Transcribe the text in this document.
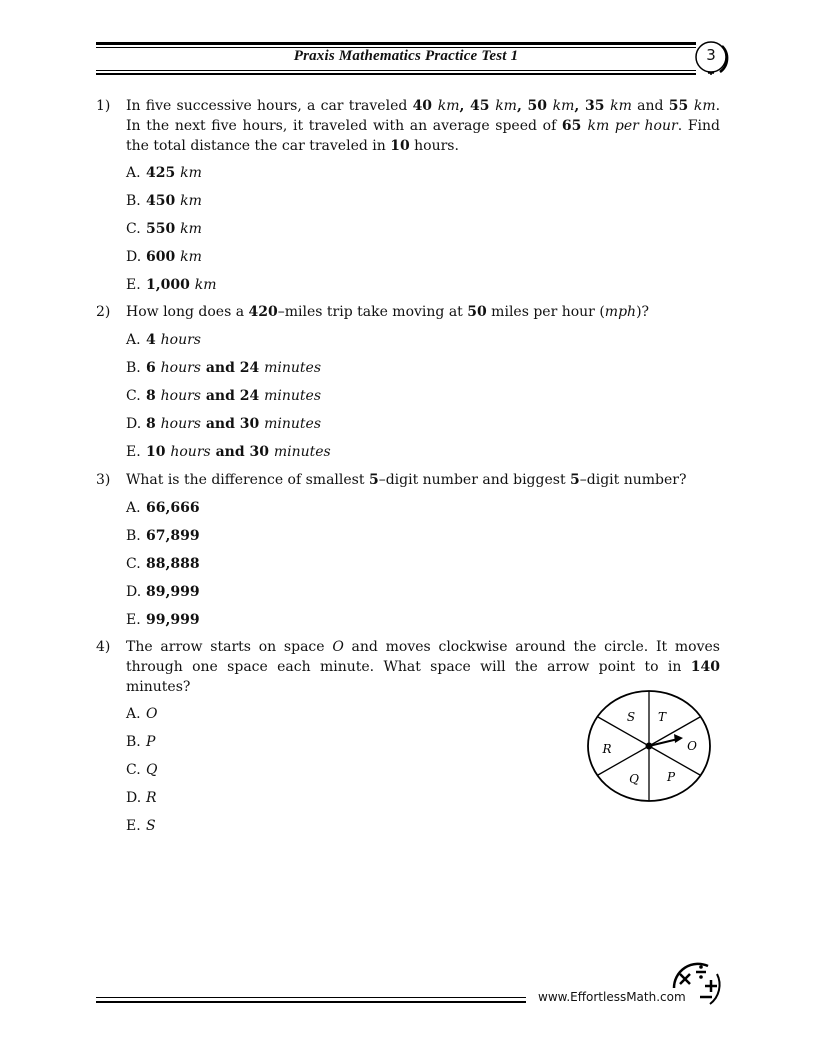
Praxis Mathematics Practice Test 1	3
1) In five successive hours, a car traveled 40 km, 45 km, 50 km, 35 km and 55 km. In the next five hours, it traveled with an average speed of 65 km per hour. Find the total distance the car traveled in 10 hours.
A. 425 km
B. 450 km
C. 550 km
D. 600 km
E. 1,000 km
2) How long does a 420–miles trip take moving at 50 miles per hour (mph)?
A. 4 hours
B. 6 hours and 24 minutes
C. 8 hours and 24 minutes
D. 8 hours and 30 minutes
E. 10 hours and 30 minutes
3) What is the difference of smallest 5–digit number and biggest 5–digit number?
A. 66,666
B. 67,899
C. 88,888
D. 89,999
E. 99,999
4) The arrow starts on space O and moves clockwise around the circle. It moves through one space each minute. What space will the arrow point to in 140 minutes?
A. O
B. P
C. Q
D. R
E. S
S T
O
P
Q
R
www.EffortlessMath.com
